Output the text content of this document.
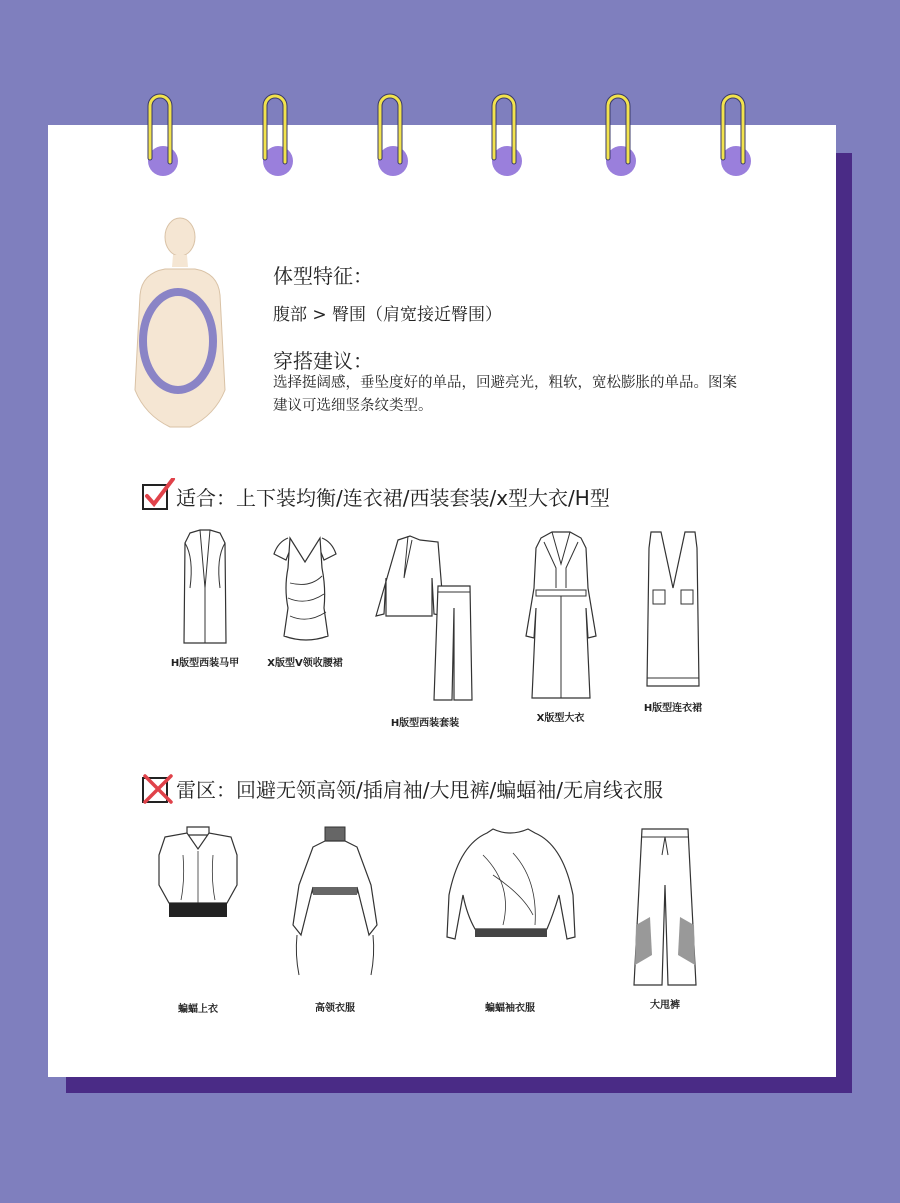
体型特征：
腹部 > 臀围（肩宽接近臀围）
穿搭建议：
选择挺阔感，垂坠度好的单品，回避亮光，粗软，宽松膨胀的单品。图案建议可选细竖条纹类型。
适合：上下装均衡/连衣裙/西装套装/x型大衣/H型
H版型西装马甲	X版型V领收腰裙
H版型西装套装	X版型大衣
H版型连衣裙
雷区：回避无领高领/插肩袖/大甩裤/蝙蝠袖/无肩线衣服
蝙蝠上衣	高领衣服	蝙蝠袖衣服	大甩裤
